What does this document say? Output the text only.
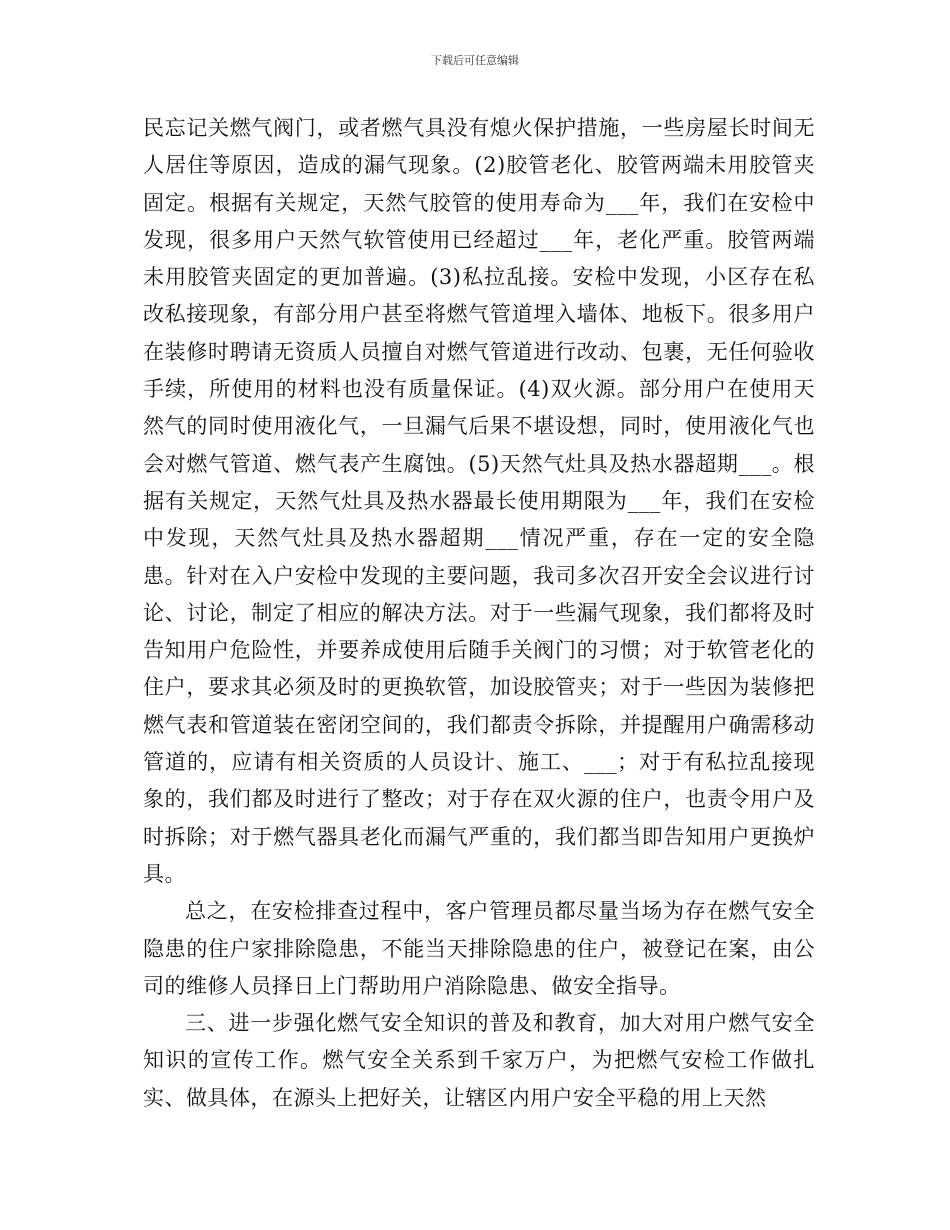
下载后可任意编辑

民忘记关燃气阀门，或者燃气具没有熄火保护措施，一些房屋长时间无人居住等原因，造成的漏气现象。(2)胶管老化、胶管两端未用胶管夹固定。根据有关规定，天然气胶管的使用寿命为___年，我们在安检中发现，很多用户天然气软管使用已经超过___年，老化严重。胶管两端未用胶管夹固定的更加普遍。(3)私拉乱接。安检中发现，小区存在私改私接现象，有部分用户甚至将燃气管道埋入墙体、地板下。很多用户在装修时聘请无资质人员擅自对燃气管道进行改动、包裹，无任何验收手续，所使用的材料也没有质量保证。(4)双火源。部分用户在使用天然气的同时使用液化气，一旦漏气后果不堪设想，同时，使用液化气也会对燃气管道、燃气表产生腐蚀。(5)天然气灶具及热水器超期___。根据有关规定，天然气灶具及热水器最长使用期限为___年，我们在安检中发现，天然气灶具及热水器超期___情况严重，存在一定的安全隐患。针对在入户安检中发现的主要问题，我司多次召开安全会议进行讨论、讨论，制定了相应的解决方法。对于一些漏气现象，我们都将及时告知用户危险性，并要养成使用后随手关阀门的习惯；对于软管老化的住户，要求其必须及时的更换软管，加设胶管夹；对于一些因为装修把燃气表和管道装在密闭空间的，我们都责令拆除，并提醒用户确需移动管道的，应请有相关资质的人员设计、施工、___；对于有私拉乱接现象的，我们都及时进行了整改；对于存在双火源的住户，也责令用户及时拆除；对于燃气器具老化而漏气严重的，我们都当即告知用户更换炉具。

总之，在安检排查过程中，客户管理员都尽量当场为存在燃气安全隐患的住户家排除隐患，不能当天排除隐患的住户，被登记在案，由公司的维修人员择日上门帮助用户消除隐患、做安全指导。

三、进一步强化燃气安全知识的普及和教育，加大对用户燃气安全知识的宣传工作。燃气安全关系到千家万户，为把燃气安检工作做扎实、做具体，在源头上把好关，让辖区内用户安全平稳的用上天然
